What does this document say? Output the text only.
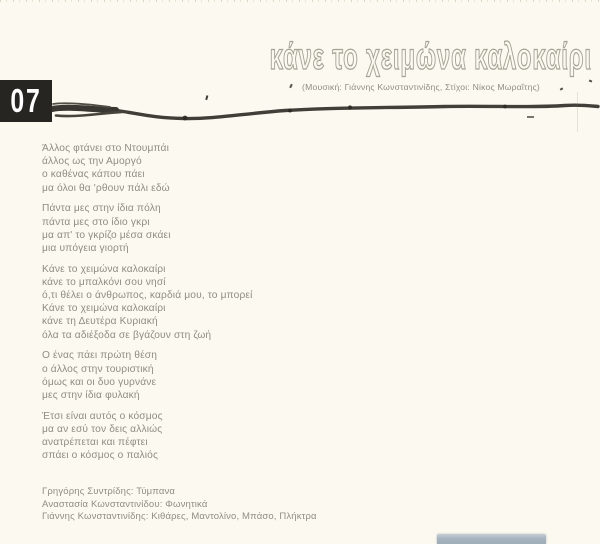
07
κάνε το χειμώνα καλοκαίρι
(Μουσική: Γιάννης Κωνσταντινίδης, Στίχοι: Νίκος Μωραΐτης)
Άλλος φτάνει στο Ντουμπάι
άλλος ως την Αμοργό
ο καθένας κάπου πάει
μα όλοι θα 'ρθουν πάλι εδώ
Πάντα μες στην ίδια πόλη
πάντα μες στο ίδιο γκρι
μα απ' το γκρίζο μέσα σκάει
μια υπόγεια γιορτή
Κάνε το χειμώνα καλοκαίρι
κάνε το μπαλκόνι σου νησί
ό,τι θέλει ο άνθρωπος, καρδιά μου, το μπορεί
Κάνε το χειμώνα καλοκαίρι
κάνε τη Δευτέρα Κυριακή
όλα τα αδιέξοδα σε βγάζουν στη ζωή
Ο ένας πάει πρώτη θέση
ο άλλος στην τουριστική
όμως και οι δυο γυρνάνε
μες στην ίδια φυλακή
Έτσι είναι αυτός ο κόσμος
μα αν εσύ τον δεις αλλιώς
ανατρέπεται και πέφτει
σπάει ο κόσμος ο παλιός
Γρηγόρης Συντρίδης: Τύμπανα
Αναστασία Κωνσταντινίδου: Φωνητικά
Γιάννης Κωνσταντινίδης: Κιθάρες, Μαντολίνο, Μπάσο, Πλήκτρα
